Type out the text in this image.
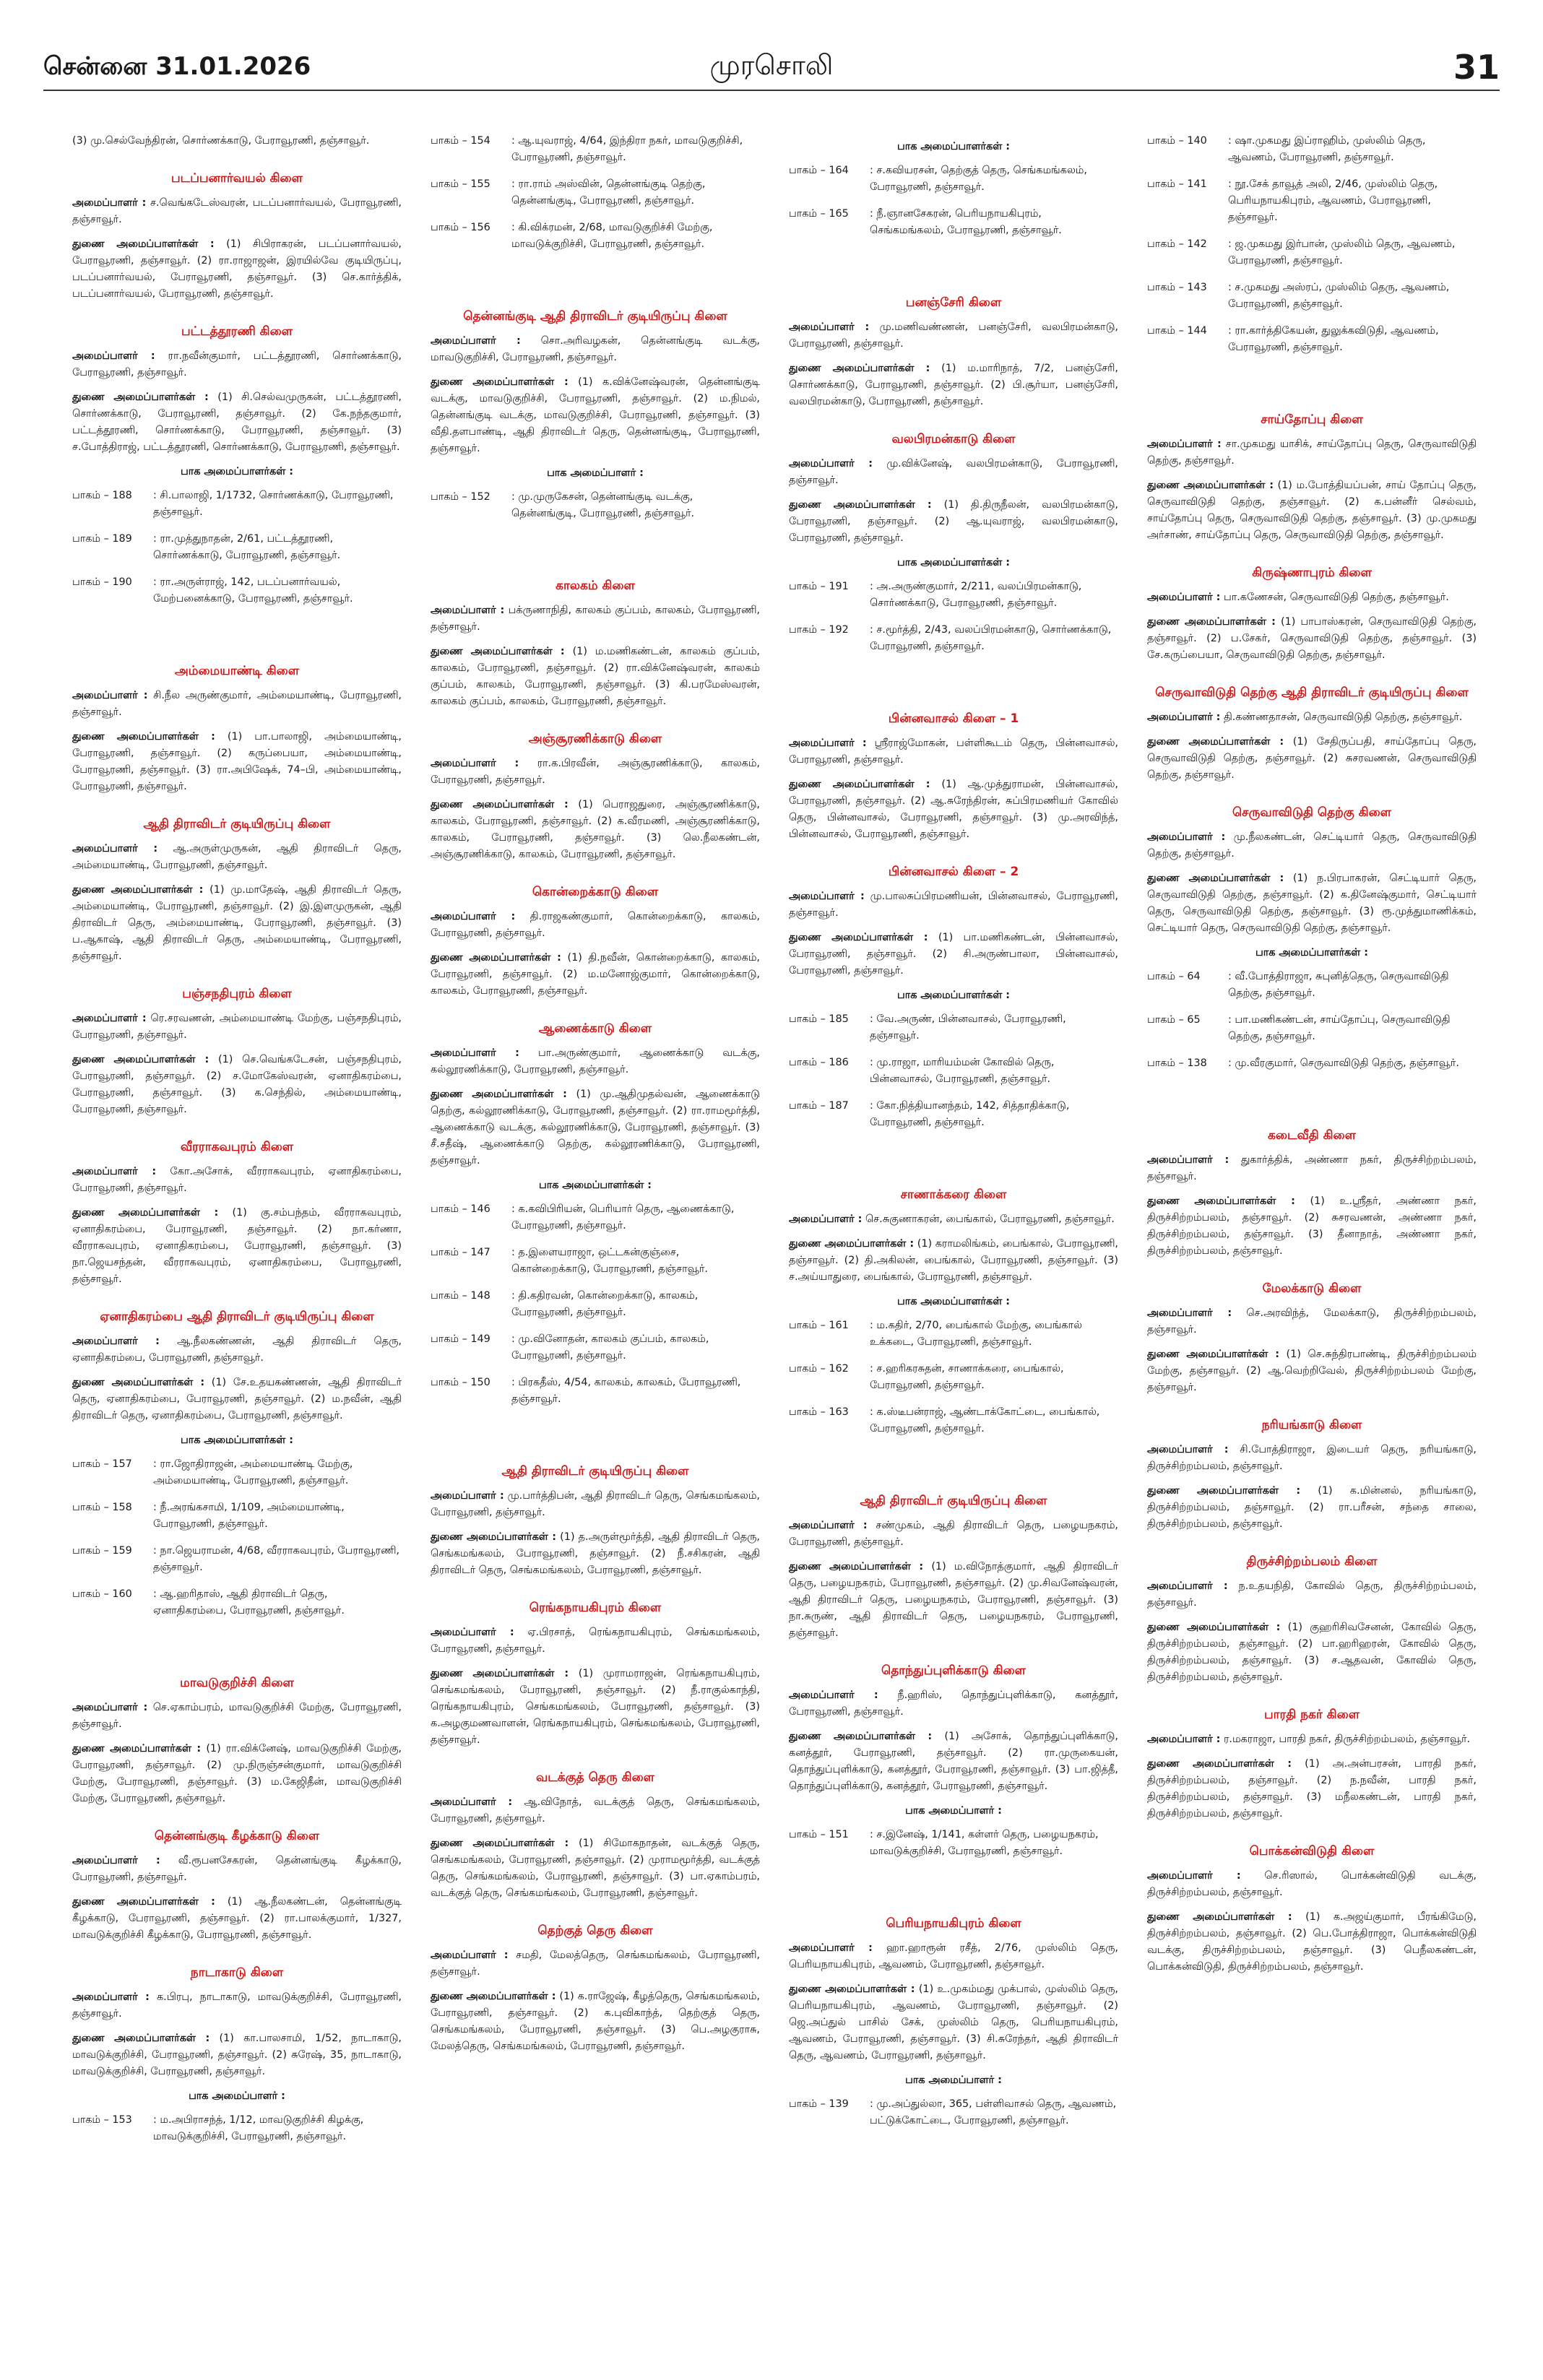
சென்னை 31.01.2026	முரசொலி	31

(3) மு.செல்வேந்திரன், சொர்ணக்காடு, பேராவூரணி, தஞ்சாவூர்.

படப்பனார்வயல் கிளை

அமைப்பாளர் : ச.வெங்கடேஸ்வரன், படப்பனார்வயல், பேராவூரணி, தஞ்சாவூர்.

துணை அமைப்பாளர்கள் : (1) சிபிராகரன், படப்பனார்வயல், பேராவூரணி, தஞ்சாவூர். (2) ரா.ராஜாஜன், இரயில்வே குடியிருப்பு, படப்பனார்வயல், பேராவூரணி, தஞ்சாவூர். (3) செ.கார்த்திக், படப்பனார்வயல், பேராவூரணி, தஞ்சாவூர்.

பட்டத்தூரணி கிளை

அமைப்பாளர் : ரா.நவீன்குமார், பட்டத்தூரணி, சொர்ணக்காடு, பேராவூரணி, தஞ்சாவூர்.

துணை அமைப்பாளர்கள் : (1) சி.செல்வமுருகன், பட்டத்தூரணி, சொர்ணக்காடு, பேராவூரணி, தஞ்சாவூர். (2) கே.நந்தகுமார், பட்டத்தூரணி, சொர்ணக்காடு, பேராவூரணி, தஞ்சாவூர். (3) ச.போத்திராஜ், பட்டத்தூரணி, சொர்ணக்காடு, பேராவூரணி, தஞ்சாவூர்.

பாக அமைப்பாளர்கள் :
பாகம் – 188	: சி.பாலாஜி, 1/1732, சொர்ணக்காடு, பேராவூரணி, தஞ்சாவூர்.
பாகம் – 189	: ரா.முத்துநாதன், 2/61, பட்டத்தூரணி, சொர்ணக்காடு, பேராவூரணி, தஞ்சாவூர்.
பாகம் – 190	: ரா.அருள்ராஜ், 142, படப்பனார்வயல், மேற்பனைக்காடு, பேராவூரணி, தஞ்சாவூர்.
அம்மையாண்டி கிளை

அமைப்பாளர் : சி.நீல அருண்குமார், அம்மையாண்டி, பேராவூரணி, தஞ்சாவூர்.

துணை அமைப்பாளர்கள் : (1) பா.பாலாஜி, அம்மையாண்டி, பேராவூரணி, தஞ்சாவூர். (2) கருப்பையா, அம்மையாண்டி, பேராவூரணி, தஞ்சாவூர். (3) ரா.அபிஷேக், 74–பி, அம்மையாண்டி, பேராவூரணி, தஞ்சாவூர்.

ஆதி திராவிடர் குடியிருப்பு கிளை

அமைப்பாளர் : ஆ.அருள்முருகன், ஆதி திராவிடர் தெரு, அம்மையாண்டி, பேராவூரணி, தஞ்சாவூர்.

துணை அமைப்பாளர்கள் : (1) மு.மாதேஷ், ஆதி திராவிடர் தெரு, அம்மையாண்டி, பேராவூரணி, தஞ்சாவூர். (2) இ.இளமுருகன், ஆதி திராவிடர் தெரு, அம்மையாண்டி, பேராவூரணி, தஞ்சாவூர். (3) ப.ஆகாஷ், ஆதி திராவிடர் தெரு, அம்மையாண்டி, பேராவூரணி, தஞ்சாவூர்.

பஞ்சநதிபுரம் கிளை

அமைப்பாளர் : ரெ.சரவணன், அம்மையாண்டி மேற்கு, பஞ்சநதிபுரம், பேராவூரணி, தஞ்சாவூர்.

துணை அமைப்பாளர்கள் : (1) செ.வெங்கடேசன், பஞ்சநதிபுரம், பேராவூரணி, தஞ்சாவூர். (2) ச.மோகேஸ்வரன், ஏனாதிகரம்பை, பேராவூரணி, தஞ்சாவூர். (3) க.செந்தில், அம்மையாண்டி, பேராவூரணி, தஞ்சாவூர்.

வீரராகவபுரம் கிளை

அமைப்பாளர் : கோ.அசோக், வீரராகவபுரம், ஏனாதிகரம்பை, பேராவூரணி, தஞ்சாவூர்.

துணை அமைப்பாளர்கள் : (1) கு.சம்பந்தம், வீரராகவபுரம், ஏனாதிகரம்பை, பேராவூரணி, தஞ்சாவூர். (2) நா.கர்ணா, வீரராகவபுரம், ஏனாதிகரம்பை, பேராவூரணி, தஞ்சாவூர். (3) நா.ஜெயசந்தன், வீரராகவபுரம், ஏனாதிகரம்பை, பேராவூரணி, தஞ்சாவூர்.

ஏனாதிகரம்பை ஆதி திராவிடர் குடியிருப்பு கிளை

அமைப்பாளர் : ஆ.நீலகண்ணன், ஆதி திராவிடர் தெரு, ஏனாதிகரம்பை, பேராவூரணி, தஞ்சாவூர்.

துணை அமைப்பாளர்கள் : (1) சே.உதயகண்ணன், ஆதி திராவிடர் தெரு, ஏனாதிகரம்பை, பேராவூரணி, தஞ்சாவூர். (2) ம.நவீன், ஆதி திராவிடர் தெரு, ஏனாதிகரம்பை, பேராவூரணி, தஞ்சாவூர்.

பாக அமைப்பாளர்கள் :
பாகம் – 157	: ரா.ஜோதிராஜன், அம்மையாண்டி மேற்கு, அம்மையாண்டி, பேராவூரணி, தஞ்சாவூர்.
பாகம் – 158	: நீ.அரங்கசாமி, 1/109, அம்மையாண்டி, பேராவூரணி, தஞ்சாவூர்.
பாகம் – 159	: நா.ஜெயராமன், 4/68, வீரராகவபுரம், பேராவூரணி, தஞ்சாவூர்.
பாகம் – 160	: ஆ.ஹரிதாஸ், ஆதி திராவிடர் தெரு, ஏனாதிகரம்பை, பேராவூரணி, தஞ்சாவூர்.
மாவடுகுறிச்சி கிளை

அமைப்பாளர் : செ.ஏகாம்பரம், மாவடுகுறிச்சி மேற்கு, பேராவூரணி, தஞ்சாவூர்.

துணை அமைப்பாளர்கள் : (1) ரா.விக்னேஷ், மாவடுகுறிச்சி மேற்கு, பேராவூரணி, தஞ்சாவூர். (2) மு.நிருஞ்சன்குமார், மாவடுகுறிச்சி மேற்கு, பேராவூரணி, தஞ்சாவூர். (3) ம.கேஜிதீன், மாவடுகுறிச்சி மேற்கு, பேராவூரணி, தஞ்சாவூர்.

தென்னங்குடி கீழக்காடு கிளை

அமைப்பாளர் : வீ.ரூபனசேகரன், தென்னங்குடி கீழக்காடு, பேராவூரணி, தஞ்சாவூர்.

துணை அமைப்பாளர்கள் : (1) ஆ.நீலகண்டன், தென்னங்குடி கீழக்காடு, பேராவூரணி, தஞ்சாவூர். (2) ரா.பாலக்குமார், 1/327, மாவடுக்குறிச்சி கீழக்காடு, பேராவூரணி, தஞ்சாவூர்.

நாடாகாடு கிளை

அமைப்பாளர் : க.பிரபு, நாடாகாடு, மாவடுக்குறிச்சி, பேராவூரணி, தஞ்சாவூர்.

துணை அமைப்பாளர்கள் : (1) கா.பாலசாமி, 1/52, நாடாகாடு, மாவடுக்குறிச்சி, பேராவூரணி, தஞ்சாவூர். (2) சுரேஷ், 35, நாடாகாடு, மாவடுக்குறிச்சி, பேராவூரணி, தஞ்சாவூர்.

பாக அமைப்பாளர் :
பாகம் – 153	: ம.அபிராசந்த், 1/12, மாவடுகுறிச்சி கிழக்கு, மாவடுக்குறிச்சி, பேராவூரணி, தஞ்சாவூர்.
பாகம் – 154	: ஆ.யுவராஜ், 4/64, இந்திரா நகர், மாவடுகுறிச்சி, பேராவூரணி, தஞ்சாவூர்.
பாகம் – 155	: ரா.ராம் அஸ்வின், தென்னங்குடி தெற்கு, தென்னங்குடி, பேராவூரணி, தஞ்சாவூர்.
பாகம் – 156	: கி.விக்ரமன், 2/68, மாவடுகுறிச்சி மேற்கு, மாவடுக்குறிச்சி, பேராவூரணி, தஞ்சாவூர்.
தென்னங்குடி ஆதி திராவிடர் குடியிருப்பு கிளை

அமைப்பாளர் : சொ.அரிவழகன், தென்னங்குடி வடக்கு, மாவடுகுறிச்சி, பேராவூரணி, தஞ்சாவூர்.

துணை அமைப்பாளர்கள் : (1) க.விக்னேஷ்வரன், தென்னங்குடி வடக்கு, மாவடுகுறிச்சி, பேராவூரணி, தஞ்சாவூர். (2) ம.நிமல், தென்னங்குடி வடக்கு, மாவடுகுறிச்சி, பேராவூரணி, தஞ்சாவூர். (3) வீதி.தளபாண்டி, ஆதி திராவிடர் தெரு, தென்னங்குடி, பேராவூரணி, தஞ்சாவூர்.

பாக அமைப்பாளர் :
பாகம் – 152	: மு.முருகேசன், தென்னங்குடி வடக்கு, தென்னங்குடி, பேராவூரணி, தஞ்சாவூர்.
காலகம் கிளை

அமைப்பாளர் : பக்ருணாநிதி, காலகம் குப்பம், காலகம், பேராவூரணி, தஞ்சாவூர்.

துணை அமைப்பாளர்கள் : (1) ம.மணிகண்டன், காலகம் குப்பம், காலகம், பேராவூரணி, தஞ்சாவூர். (2) ரா.விக்னேஷ்வரன், காலகம் குப்பம், காலகம், பேராவூரணி, தஞ்சாவூர். (3) கி.பரமேஸ்வரன், காலகம் குப்பம், காலகம், பேராவூரணி, தஞ்சாவூர்.

அஞ்சூரணிக்காடு கிளை

அமைப்பாளர் : ரா.க.பிரவீன், அஞ்சூரணிக்காடு, காலகம், பேராவூரணி, தஞ்சாவூர்.

துணை அமைப்பாளர்கள் : (1) பெராஜதுரை, அஞ்சூரணிக்காடு, காலகம், பேராவூரணி, தஞ்சாவூர். (2) க.வீரமணி, அஞ்சூரணிக்காடு, காலகம், பேராவூரணி, தஞ்சாவூர். (3) லெ.நீலகண்டன், அஞ்சூரணிக்காடு, காலகம், பேராவூரணி, தஞ்சாவூர்.

கொன்றைக்காடு கிளை

அமைப்பாளர் : தி.ராஜகண்குமார், கொன்றைக்காடு, காலகம், பேராவூரணி, தஞ்சாவூர்.

துணை அமைப்பாளர்கள் : (1) தி.நவீன், கொன்றைக்காடு, காலகம், பேராவூரணி, தஞ்சாவூர். (2) ம.மனோஜ்குமார், கொன்றைக்காடு, காலகம், பேராவூரணி, தஞ்சாவூர்.

ஆணைக்காடு கிளை

அமைப்பாளர் : பா.அருண்குமார், ஆணைக்காடு வடக்கு, கல்லூரணிக்காடு, பேராவூரணி, தஞ்சாவூர்.

துணை அமைப்பாளர்கள் : (1) மு.ஆதிமுதல்வன், ஆணைக்காடு தெற்கு, கல்லூரணிக்காடு, பேராவூரணி, தஞ்சாவூர். (2) ரா.ராமமூர்த்தி, ஆணைக்காடு வடக்கு, கல்லூரணிக்காடு, பேராவூரணி, தஞ்சாவூர். (3) சீ.சதீஷ், ஆணைக்காடு தெற்கு, கல்லூரணிக்காடு, பேராவூரணி, தஞ்சாவூர்.

பாக அமைப்பாளர்கள் :
பாகம் – 146	: க.கவிபிரியன், பெரியார் தெரு, ஆணைக்காடு, பேராவூரணி, தஞ்சாவூர்.
பாகம் – 147	: த.இளையராஜா, ஒட்டகன்குஞ்சை, கொன்றைக்காடு, பேராவூரணி, தஞ்சாவூர்.
பாகம் – 148	: தி.கதிரவன், கொன்றைக்காடு, காலகம், பேராவூரணி, தஞ்சாவூர்.
பாகம் – 149	: மு.வினோதன், காலகம் குப்பம், காலகம், பேராவூரணி, தஞ்சாவூர்.
பாகம் – 150	: பிரகதீஸ், 4/54, காலகம், காலகம், பேராவூரணி, தஞ்சாவூர்.
ஆதி திராவிடர் குடியிருப்பு கிளை

அமைப்பாளர் : மு.பார்த்திபன், ஆதி திராவிடர் தெரு, செங்கமங்கலம், பேராவூரணி, தஞ்சாவூர்.

துணை அமைப்பாளர்கள் : (1) த.அருள்மூர்த்தி, ஆதி திராவிடர் தெரு, செங்கமங்கலம், பேராவூரணி, தஞ்சாவூர். (2) நீ.சசிகரன், ஆதி திராவிடர் தெரு, செங்கமங்கலம், பேராவூரணி, தஞ்சாவூர்.

ரெங்கநாயகிபுரம் கிளை

அமைப்பாளர் : ஏ.பிரசாத், ரெங்கநாயகிபுரம், செங்கமங்கலம், பேராவூரணி, தஞ்சாவூர்.

துணை அமைப்பாளர்கள் : (1) முராமராஜன், ரெங்கநாயகிபுரம், செங்கமங்கலம், பேராவூரணி, தஞ்சாவூர். (2) நீ.ராகுல்காந்தி, ரெங்கநாயகிபுரம், செங்கமங்கலம், பேராவூரணி, தஞ்சாவூர். (3) க.அழகுமணவாளன், ரெங்கநாயகிபுரம், செங்கமங்கலம், பேராவூரணி, தஞ்சாவூர்.

வடக்குத் தெரு கிளை

அமைப்பாளர் : ஆ.விநோத், வடக்குத் தெரு, செங்கமங்கலம், பேராவூரணி, தஞ்சாவூர்.

துணை அமைப்பாளர்கள் : (1) சிமோகநாதன், வடக்குத் தெரு, செங்கமங்கலம், பேராவூரணி, தஞ்சாவூர். (2) முராமமூர்த்தி, வடக்குத் தெரு, செங்கமங்கலம், பேராவூரணி, தஞ்சாவூர். (3) பா.ஏகாம்பரம், வடக்குத் தெரு, செங்கமங்கலம், பேராவூரணி, தஞ்சாவூர்.

தெற்குத் தெரு கிளை

அமைப்பாளர் : சமதி, மேலத்தெரு, செங்கமங்கலம், பேராவூரணி, தஞ்சாவூர்.

துணை அமைப்பாளர்கள் : (1) க.ராஜேஷ், கீழத்தெரு, செங்கமங்கலம், பேராவூரணி, தஞ்சாவூர். (2) க.புவிகாந்த், தெற்குத் தெரு, செங்கமங்கலம், பேராவூரணி, தஞ்சாவூர். (3) பெ.அழகுராசு, மேலத்தெரு, செங்கமங்கலம், பேராவூரணி, தஞ்சாவூர்.

பாக அமைப்பாளர்கள் :
பாகம் – 164	: ச.கவியரசன், தெற்குத் தெரு, செங்கமங்கலம், பேராவூரணி, தஞ்சாவூர்.
பாகம் – 165	: நீ.ஞானசேகரன், பெரியநாயகிபுரம், செங்கமங்கலம், பேராவூரணி, தஞ்சாவூர்.
பனஞ்சேரி கிளை

அமைப்பாளர் : மு.மணிவண்ணன், பனஞ்சேரி, வலபிரமன்காடு, பேராவூரணி, தஞ்சாவூர்.

துணை அமைப்பாளர்கள் : (1) ம.மாரிநாத், 7/2, பனஞ்சேரி, சொர்ணக்காடு, பேராவூரணி, தஞ்சாவூர். (2) பி.சூர்யா, பனஞ்சேரி, வலபிரமன்காடு, பேராவூரணி, தஞ்சாவூர்.

வலபிரமன்காடு கிளை

அமைப்பாளர் : மு.விக்னேஷ், வலபிரமன்காடு, பேராவூரணி, தஞ்சாவூர்.

துணை அமைப்பாளர்கள் : (1) தி.திருநீலன், வலபிரமன்காடு, பேராவூரணி, தஞ்சாவூர். (2) ஆ.யுவராஜ், வலபிரமன்காடு, பேராவூரணி, தஞ்சாவூர்.

பாக அமைப்பாளர்கள் :
பாகம் – 191	: அ.அருண்குமார், 2/211, வலப்பிரமன்காடு, சொர்ணக்காடு, பேராவூரணி, தஞ்சாவூர்.
பாகம் – 192	: ச.மூர்த்தி, 2/43, வலப்பிரமன்காடு, சொர்ணக்காடு, பேராவூரணி, தஞ்சாவூர்.
பின்னவாசல் கிளை – 1

அமைப்பாளர் : ஸ்ரீராஜ்மோகன், பள்ளிகூடம் தெரு, பின்னவாசல், பேராவூரணி, தஞ்சாவூர்.

துணை அமைப்பாளர்கள் : (1) ஆ.முத்துராமன், பின்னவாசல், பேராவூரணி, தஞ்சாவூர். (2) ஆ.சுரேந்திரன், சுப்பிரமணியர் கோவில் தெரு, பின்னவாசல், பேராவூரணி, தஞ்சாவூர். (3) மு.அரவிந்த், பின்னவாசல், பேராவூரணி, தஞ்சாவூர்.

பின்னவாசல் கிளை – 2

அமைப்பாளர் : மு.பாலசுப்பிரமணியன், பின்னவாசல், பேராவூரணி, தஞ்சாவூர்.

துணை அமைப்பாளர்கள் : (1) பா.மணிகண்டன், பின்னவாசல், பேராவூரணி, தஞ்சாவூர். (2) சி.அருண்பாலா, பின்னவாசல், பேராவூரணி, தஞ்சாவூர்.

பாக அமைப்பாளர்கள் :
பாகம் – 185	: வே.அருண், பின்னவாசல், பேராவூரணி, தஞ்சாவூர்.
பாகம் – 186	: மு.ராஜா, மாரியம்மன் கோவில் தெரு, பின்னவாசல், பேராவூரணி, தஞ்சாவூர்.
பாகம் – 187	: கோ.நித்தியானந்தம், 142, சித்தாதிக்காடு, பேராவூரணி, தஞ்சாவூர்.
சாணாக்கரை கிளை

அமைப்பாளர் : செ.சுகுணாகரன், பைங்கால், பேராவூரணி, தஞ்சாவூர்.

துணை அமைப்பாளர்கள் : (1) கராமலிங்கம், பைங்கால், பேராவூரணி, தஞ்சாவூர். (2) தி.அகிலன், பைங்கால், பேராவூரணி, தஞ்சாவூர். (3) ச.அய்யாதுரை, பைங்கால், பேராவூரணி, தஞ்சாவூர்.

பாக அமைப்பாளர்கள் :
பாகம் – 161	: ம.கதிர், 2/70, பைங்கால் மேற்கு, பைங்கால் உக்கடை, பேராவூரணி, தஞ்சாவூர்.
பாகம் – 162	: ச.ஹரிகரசுதன், சாணாக்கரை, பைங்கால், பேராவூரணி, தஞ்சாவூர்.
பாகம் – 163	: க.ஸ்டீபன்ராஜ், ஆண்டாக்கோட்டை, பைங்கால், பேராவூரணி, தஞ்சாவூர்.
ஆதி திராவிடர் குடியிருப்பு கிளை

அமைப்பாளர் : சண்முகம், ஆதி திராவிடர் தெரு, பழையநகரம், பேராவூரணி, தஞ்சாவூர்.

துணை அமைப்பாளர்கள் : (1) ம.விநோத்குமார், ஆதி திராவிடர் தெரு, பழையநகரம், பேராவூரணி, தஞ்சாவூர். (2) மு.சிவனேஷ்வரன், ஆதி திராவிடர் தெரு, பழையநகரம், பேராவூரணி, தஞ்சாவூர். (3) நா.சுருண், ஆதி திராவிடர் தெரு, பழையநகரம், பேராவூரணி, தஞ்சாவூர்.

தொந்துப்புளிக்காடு கிளை

அமைப்பாளர் : நீ.ஹரிஸ், தொந்துப்புளிக்காடு, கனத்தூர், பேராவூரணி, தஞ்சாவூர்.

துணை அமைப்பாளர்கள் : (1) அசோக், தொந்துப்புளிக்காடு, கனத்தூர், பேராவூரணி, தஞ்சாவூர். (2) ரா.முருகையன், தொந்துப்புளிக்காடு, கனத்தூர், பேராவூரணி, தஞ்சாவூர். (3) பா.ஜித்தீ, தொந்துப்புளிக்காடு, கனத்தூர், பேராவூரணி, தஞ்சாவூர்.

பாக அமைப்பாளர் :
பாகம் – 151	: ச.இனேஷ், 1/141, கள்ளர் தெரு, பழையநகரம், மாவடுக்குறிச்சி, பேராவூரணி, தஞ்சாவூர்.
பெரியநாயகிபுரம் கிளை

அமைப்பாளர் : ஹா.ஹாரூன் ரசீத், 2/76, முஸ்லிம் தெரு, பெரியநாயகிபுரம், ஆவணம், பேராவூரணி, தஞ்சாவூர்.

துணை அமைப்பாளர்கள் : (1) உ.முகம்மது முக்பால், முஸ்லிம் தெரு, பெரியநாயகிபுரம், ஆவணம், பேராவூரணி, தஞ்சாவூர். (2) ஜெ.அப்துல் பாசில் சேக், முஸ்லிம் தெரு, பெரியநாயகிபுரம், ஆவணம், பேராவூரணி, தஞ்சாவூர். (3) சி.சுரேந்தர், ஆதி திராவிடர் தெரு, ஆவணம், பேராவூரணி, தஞ்சாவூர்.

பாக அமைப்பாளர் :
பாகம் – 139	: மு.அப்துல்லா, 365, பள்ளிவாசல் தெரு, ஆவணம், பட்டுக்கோட்டை, பேராவூரணி, தஞ்சாவூர்.
பாகம் – 140	: ஷா.முகமது இப்ராஹிம், முஸ்லிம் தெரு, ஆவணம், பேராவூரணி, தஞ்சாவூர்.
பாகம் – 141	: நூ.சேக் தாவூத் அலி, 2/46, முஸ்லிம் தெரு, பெரியநாயகிபுரம், ஆவணம், பேராவூரணி, தஞ்சாவூர்.
பாகம் – 142	: ஜ.முகமது இர்பான், முஸ்லிம் தெரு, ஆவணம், பேராவூரணி, தஞ்சாவூர்.
பாகம் – 143	: ச.முகமது அஸ்ரப், முஸ்லிம் தெரு, ஆவணம், பேராவூரணி, தஞ்சாவூர்.
பாகம் – 144	: ரா.கார்த்திகேயன், துலுக்கவிடுதி, ஆவணம், பேராவூரணி, தஞ்சாவூர்.
சாய்தோப்பு கிளை

அமைப்பாளர் : சா.முகமது யாசிக், சாய்தோப்பு தெரு, செருவாவிடுதி தெற்கு, தஞ்சாவூர்.

துணை அமைப்பாளர்கள் : (1) ம.போத்தியப்பன், சாய் தோப்பு தெரு, செருவாவிடுதி தெற்கு, தஞ்சாவூர். (2) க.பன்னீர் செல்வம், சாய்தோப்பு தெரு, செருவாவிடுதி தெற்கு, தஞ்சாவூர். (3) மு.முகமது அர்சாண், சாய்தோப்பு தெரு, செருவாவிடுதி தெற்கு, தஞ்சாவூர்.

கிருஷ்ணாபுரம் கிளை

அமைப்பாளர் : பா.கணேசன், செருவாவிடுதி தெற்கு, தஞ்சாவூர்.

துணை அமைப்பாளர்கள் : (1) பாபாஸ்கரன், செருவாவிடுதி தெற்கு, தஞ்சாவூர். (2) ப.சேகர், செருவாவிடுதி தெற்கு, தஞ்சாவூர். (3) சே.கருப்பையா, செருவாவிடுதி தெற்கு, தஞ்சாவூர்.

செருவாவிடுதி தெற்கு ஆதி திராவிடர் குடியிருப்பு கிளை

அமைப்பாளர் : தி.கண்ணதாசன், செருவாவிடுதி தெற்கு, தஞ்சாவூர்.

துணை அமைப்பாளர்கள் : (1) சேதிருப்பதி, சாய்தோப்பு தெரு, செருவாவிடுதி தெற்கு, தஞ்சாவூர். (2) சுசரவணன், செருவாவிடுதி தெற்கு, தஞ்சாவூர்.

செருவாவிடுதி தெற்கு கிளை

அமைப்பாளர் : மு.நீலகண்டன், செட்டியார் தெரு, செருவாவிடுதி தெற்கு, தஞ்சாவூர்.

துணை அமைப்பாளர்கள் : (1) ந.பிரபாகரன், செட்டியார் தெரு, செருவாவிடுதி தெற்கு, தஞ்சாவூர். (2) க.தினேஷ்குமார், செட்டியார் தெரு, செருவாவிடுதி தெற்கு, தஞ்சாவூர். (3) ரூ.முத்துமாணிக்கம், செட்டியார் தெரு, செருவாவிடுதி தெற்கு, தஞ்சாவூர்.

பாக அமைப்பாளர்கள் :
பாகம் – 64	: வீ.போத்திராஜா, சுபுனித்தெரு, செருவாவிடுதி தெற்கு, தஞ்சாவூர்.
பாகம் – 65	: பா.மணிகண்டன், சாய்தோப்பு, செருவாவிடுதி தெற்கு, தஞ்சாவூர்.
பாகம் – 138	: மு.வீரகுமார், செருவாவிடுதி தெற்கு, தஞ்சாவூர்.
கடைவீதி கிளை

அமைப்பாளர் : துகார்த்திக், அண்ணா நகர், திருச்சிற்றம்பலம், தஞ்சாவூர்.

துணை அமைப்பாளர்கள் : (1) உ.ஸ்ரீதர், அண்ணா நகர், திருச்சிற்றம்பலம், தஞ்சாவூர். (2) சுசரவணன், அண்ணா நகர், திருச்சிற்றம்பலம், தஞ்சாவூர். (3) தீனாநாத், அண்ணா நகர், திருச்சிற்றம்பலம், தஞ்சாவூர்.

மேலக்காடு கிளை

அமைப்பாளர் : செ.அரவிந்த், மேலக்காடு, திருச்சிற்றம்பலம், தஞ்சாவூர்.

துணை அமைப்பாளர்கள் : (1) செ.சுந்திரபாண்டி, திருச்சிற்றம்பலம் மேற்கு, தஞ்சாவூர். (2) ஆ.வெற்றிவேல், திருச்சிற்றம்பலம் மேற்கு, தஞ்சாவூர்.

நரியங்காடு கிளை

அமைப்பாளர் : சி.போத்திராஜா, இடையர் தெரு, நரியங்காடு, திருச்சிற்றம்பலம், தஞ்சாவூர்.

துணை அமைப்பாளர்கள் : (1) க.மின்னல், நரியங்காடு, திருச்சிற்றம்பலம், தஞ்சாவூர். (2) ரா.பரீசன், சந்தை சாலை, திருச்சிற்றம்பலம், தஞ்சாவூர்.

திருச்சிற்றம்பலம் கிளை

அமைப்பாளர் : ந.உதயநிதி, கோவில் தெரு, திருச்சிற்றம்பலம், தஞ்சாவூர்.

துணை அமைப்பாளர்கள் : (1) குஹரிசிவசேனன், கோவில் தெரு, திருச்சிற்றம்பலம், தஞ்சாவூர். (2) பா.ஹரிஹரன், கோவில் தெரு, திருச்சிற்றம்பலம், தஞ்சாவூர். (3) ச.ஆதவன், கோவில் தெரு, திருச்சிற்றம்பலம், தஞ்சாவூர்.

பாரதி நகர் கிளை

அமைப்பாளர் : ர.மகராஜா, பாரதி நகர், திருச்சிற்றம்பலம், தஞ்சாவூர்.

துணை அமைப்பாளர்கள் : (1) அ.அன்பரசன், பாரதி நகர், திருச்சிற்றம்பலம், தஞ்சாவூர். (2) ந.நவீன், பாரதி நகர், திருச்சிற்றம்பலம், தஞ்சாவூர். (3) மநீலகண்டன், பாரதி நகர், திருச்சிற்றம்பலம், தஞ்சாவூர்.

பொக்கன்விடுதி கிளை

அமைப்பாளர் : செ.ரிஸால், பொக்கன்விடுதி வடக்கு, திருச்சிற்றம்பலம், தஞ்சாவூர்.

துணை அமைப்பாளர்கள் : (1) க.அஜய்குமார், பீரங்கிமேடு, திருச்சிற்றம்பலம், தஞ்சாவூர். (2) பெ.போத்திராஜா, பொக்கன்விடுதி வடக்கு, திருச்சிற்றம்பலம், தஞ்சாவூர். (3) பெநீலகண்டன், பொக்கன்விடுதி, திருச்சிற்றம்பலம், தஞ்சாவூர்.
